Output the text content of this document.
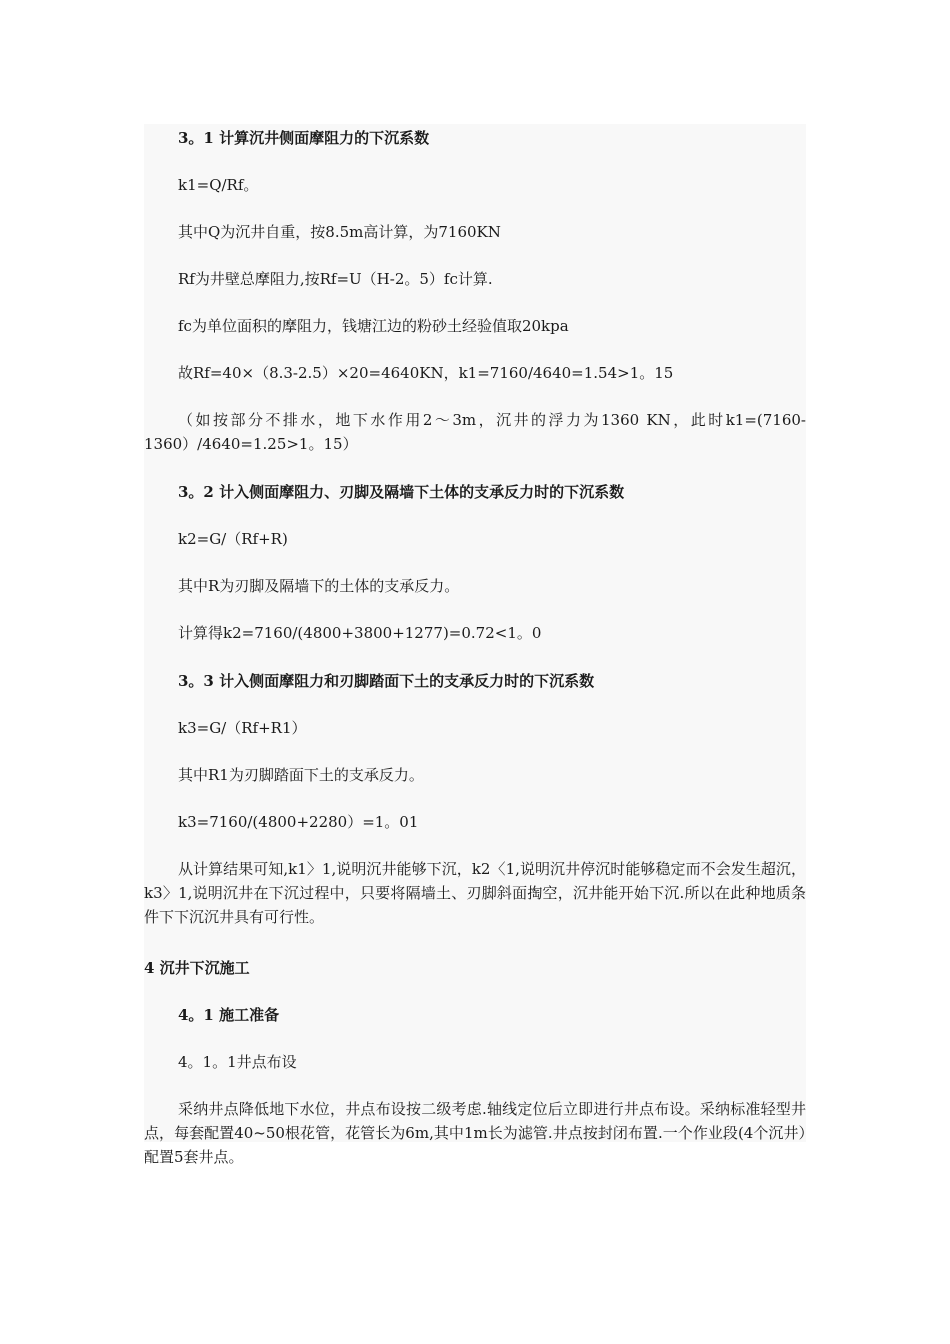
3。1 计算沉井侧面摩阻力的下沉系数
k1=Q/Rf。
其中Q为沉井自重，按8.5m高计算，为7160KN
Rf为井壁总摩阻力,按Rf=U（H-2。5）fc计算.
fc为单位面积的摩阻力，钱塘江边的粉砂土经验值取20kpa
故Rf=40×（8.3-2.5）×20=4640KN，k1=7160/4640=1.54>1。15
（如按部分不排水，地下水作用2～3m，沉井的浮力为1360 KN，此时k1=(7160-1360）/4640=1.25>1。15）
3。2 计入侧面摩阻力、刃脚及隔墙下土体的支承反力时的下沉系数
k2=G/（Rf+R)
其中R为刃脚及隔墙下的土体的支承反力。
计算得k2=7160/(4800+3800+1277)=0.72<1。0
3。3 计入侧面摩阻力和刃脚踏面下土的支承反力时的下沉系数
k3=G/（Rf+R1）
其中R1为刃脚踏面下土的支承反力。
k3=7160/(4800+2280）=1。01
从计算结果可知,k1〉1,说明沉井能够下沉，k2〈1,说明沉井停沉时能够稳定而不会发生超沉，k3〉1,说明沉井在下沉过程中，只要将隔墙土、刃脚斜面掏空，沉井能开始下沉.所以在此种地质条件下下沉沉井具有可行性。
4 沉井下沉施工
4。1 施工准备
4。1。1井点布设
采纳井点降低地下水位，井点布设按二级考虑.轴线定位后立即进行井点布设。采纳标准轻型井点，每套配置40~50根花管，花管长为6m,其中1m长为滤管.井点按封闭布置.一个作业段(4个沉井）配置5套井点。
